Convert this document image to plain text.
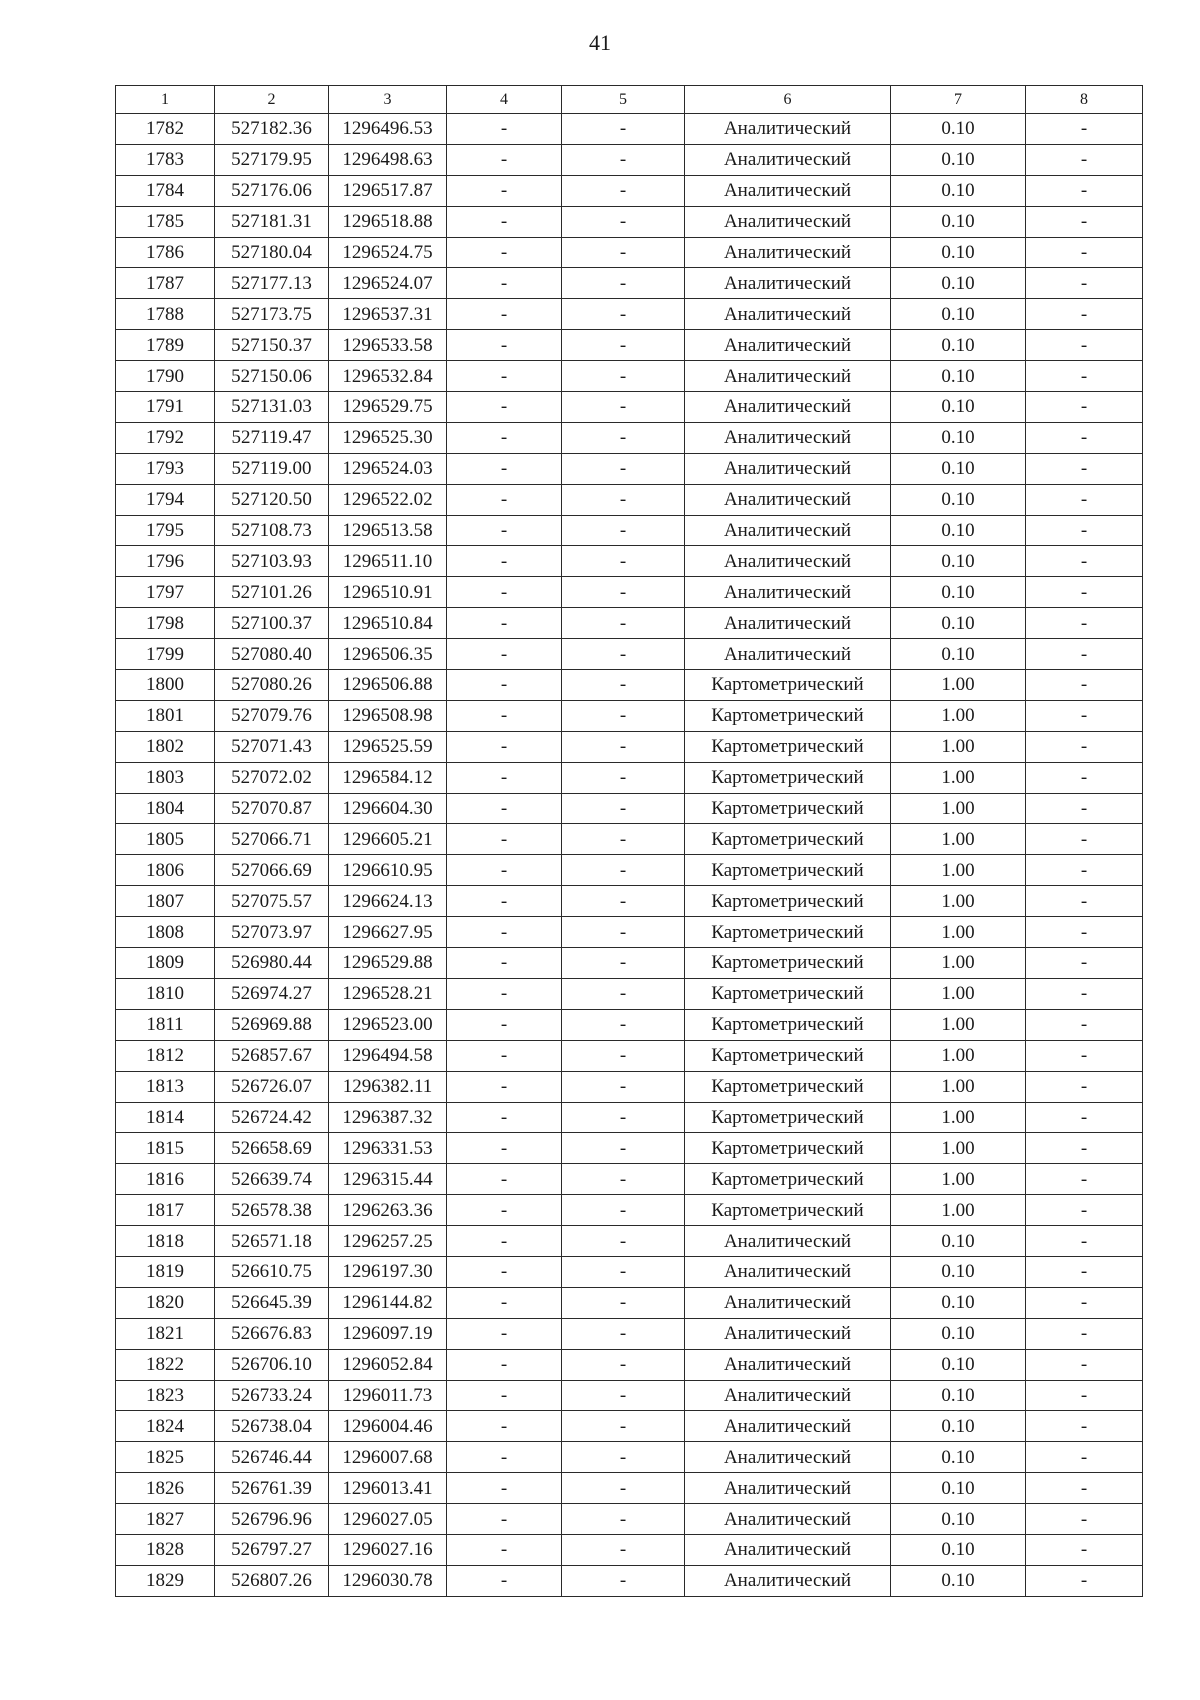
41
1	2	3	4	5	6	7	8
1782	527182.36	1296496.53	-	-	Аналитический	0.10	-
1783	527179.95	1296498.63	-	-	Аналитический	0.10	-
1784	527176.06	1296517.87	-	-	Аналитический	0.10	-
1785	527181.31	1296518.88	-	-	Аналитический	0.10	-
1786	527180.04	1296524.75	-	-	Аналитический	0.10	-
1787	527177.13	1296524.07	-	-	Аналитический	0.10	-
1788	527173.75	1296537.31	-	-	Аналитический	0.10	-
1789	527150.37	1296533.58	-	-	Аналитический	0.10	-
1790	527150.06	1296532.84	-	-	Аналитический	0.10	-
1791	527131.03	1296529.75	-	-	Аналитический	0.10	-
1792	527119.47	1296525.30	-	-	Аналитический	0.10	-
1793	527119.00	1296524.03	-	-	Аналитический	0.10	-
1794	527120.50	1296522.02	-	-	Аналитический	0.10	-
1795	527108.73	1296513.58	-	-	Аналитический	0.10	-
1796	527103.93	1296511.10	-	-	Аналитический	0.10	-
1797	527101.26	1296510.91	-	-	Аналитический	0.10	-
1798	527100.37	1296510.84	-	-	Аналитический	0.10	-
1799	527080.40	1296506.35	-	-	Аналитический	0.10	-
1800	527080.26	1296506.88	-	-	Картометрический	1.00	-
1801	527079.76	1296508.98	-	-	Картометрический	1.00	-
1802	527071.43	1296525.59	-	-	Картометрический	1.00	-
1803	527072.02	1296584.12	-	-	Картометрический	1.00	-
1804	527070.87	1296604.30	-	-	Картометрический	1.00	-
1805	527066.71	1296605.21	-	-	Картометрический	1.00	-
1806	527066.69	1296610.95	-	-	Картометрический	1.00	-
1807	527075.57	1296624.13	-	-	Картометрический	1.00	-
1808	527073.97	1296627.95	-	-	Картометрический	1.00	-
1809	526980.44	1296529.88	-	-	Картометрический	1.00	-
1810	526974.27	1296528.21	-	-	Картометрический	1.00	-
1811	526969.88	1296523.00	-	-	Картометрический	1.00	-
1812	526857.67	1296494.58	-	-	Картометрический	1.00	-
1813	526726.07	1296382.11	-	-	Картометрический	1.00	-
1814	526724.42	1296387.32	-	-	Картометрический	1.00	-
1815	526658.69	1296331.53	-	-	Картометрический	1.00	-
1816	526639.74	1296315.44	-	-	Картометрический	1.00	-
1817	526578.38	1296263.36	-	-	Картометрический	1.00	-
1818	526571.18	1296257.25	-	-	Аналитический	0.10	-
1819	526610.75	1296197.30	-	-	Аналитический	0.10	-
1820	526645.39	1296144.82	-	-	Аналитический	0.10	-
1821	526676.83	1296097.19	-	-	Аналитический	0.10	-
1822	526706.10	1296052.84	-	-	Аналитический	0.10	-
1823	526733.24	1296011.73	-	-	Аналитический	0.10	-
1824	526738.04	1296004.46	-	-	Аналитический	0.10	-
1825	526746.44	1296007.68	-	-	Аналитический	0.10	-
1826	526761.39	1296013.41	-	-	Аналитический	0.10	-
1827	526796.96	1296027.05	-	-	Аналитический	0.10	-
1828	526797.27	1296027.16	-	-	Аналитический	0.10	-
1829	526807.26	1296030.78	-	-	Аналитический	0.10	-
